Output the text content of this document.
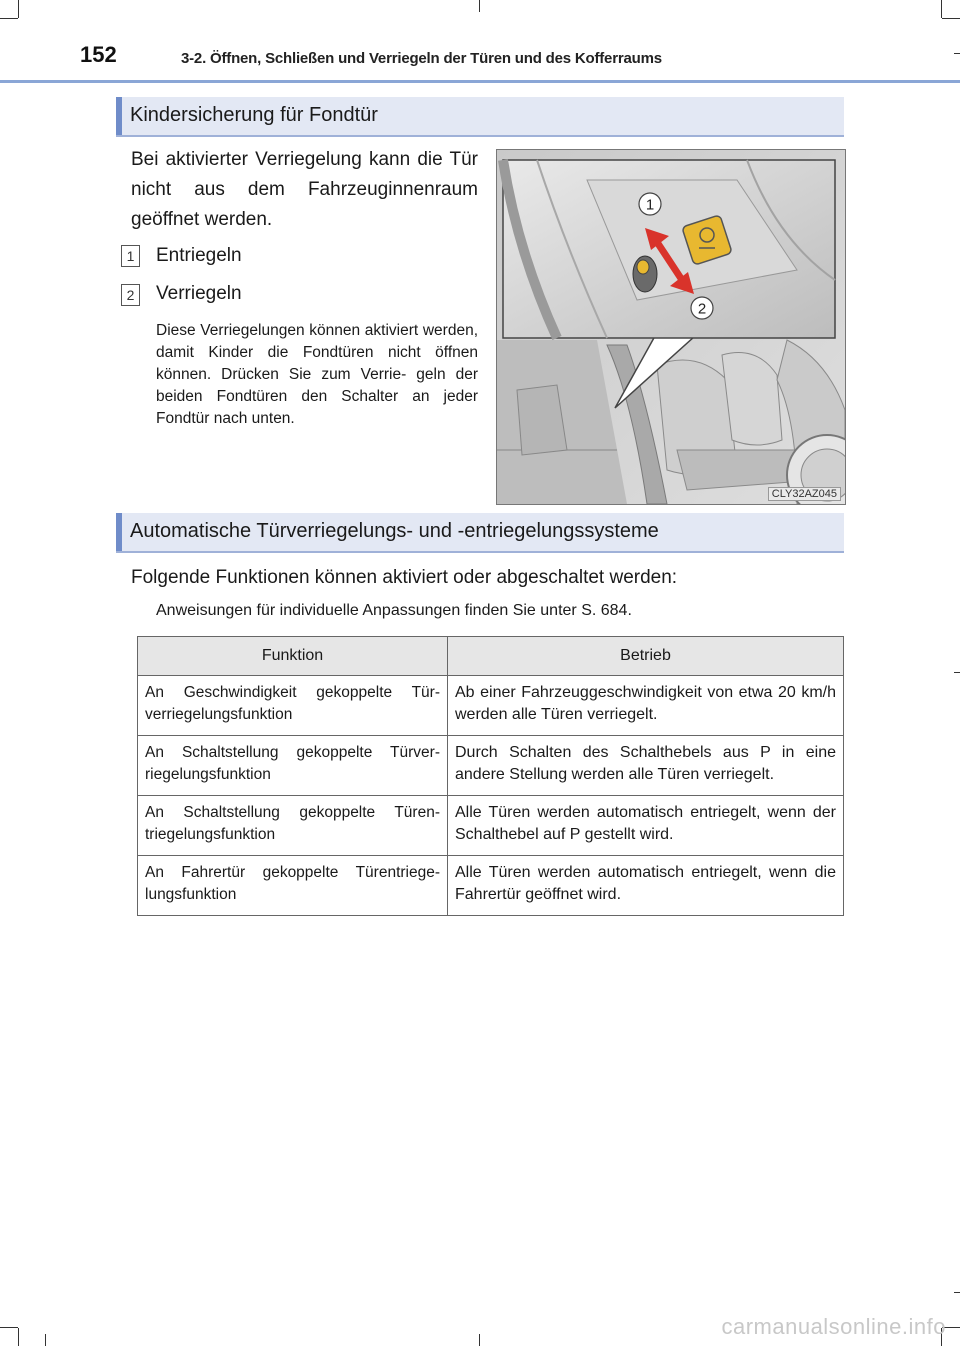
152	3-2. Öffnen, Schließen und Verriegeln der Türen und des Kofferraums
Kindersicherung für Fondtür
Bei aktivierter Verriegelung kann die Tür nicht aus dem Fahrzeuginnenraum geöffnet werden.
1 Entriegeln
2 Verriegeln
Diese Verriegelungen können aktiviert werden, damit Kinder die Fondtüren nicht öffnen können. Drücken Sie zum Verrie- geln der beiden Fondtüren den Schalter an jeder Fondtür nach unten.
1
2
CLY32AZ045
Automatische Türverriegelungs- und -entriegelungssysteme
Folgende Funktionen können aktiviert oder abgeschaltet werden:
Anweisungen für individuelle Anpassungen finden Sie unter S. 684.
Funktion	Betrieb
An Geschwindigkeit gekoppelte Tür- verriegelungsfunktion	Ab einer Fahrzeuggeschwindigkeit von etwa 20 km/h werden alle Türen verriegelt.
An Schaltstellung gekoppelte Türver- riegelungsfunktion	Durch Schalten des Schalthebels aus P in eine andere Stellung werden alle Türen verriegelt.
An Schaltstellung gekoppelte Türen- triegelungsfunktion	Alle Türen werden automatisch entriegelt, wenn der Schalthebel auf P gestellt wird.
An Fahrertür gekoppelte Türentriege- lungsfunktion	Alle Türen werden automatisch entriegelt, wenn die Fahrertür geöffnet wird.
carmanualsonline.info
